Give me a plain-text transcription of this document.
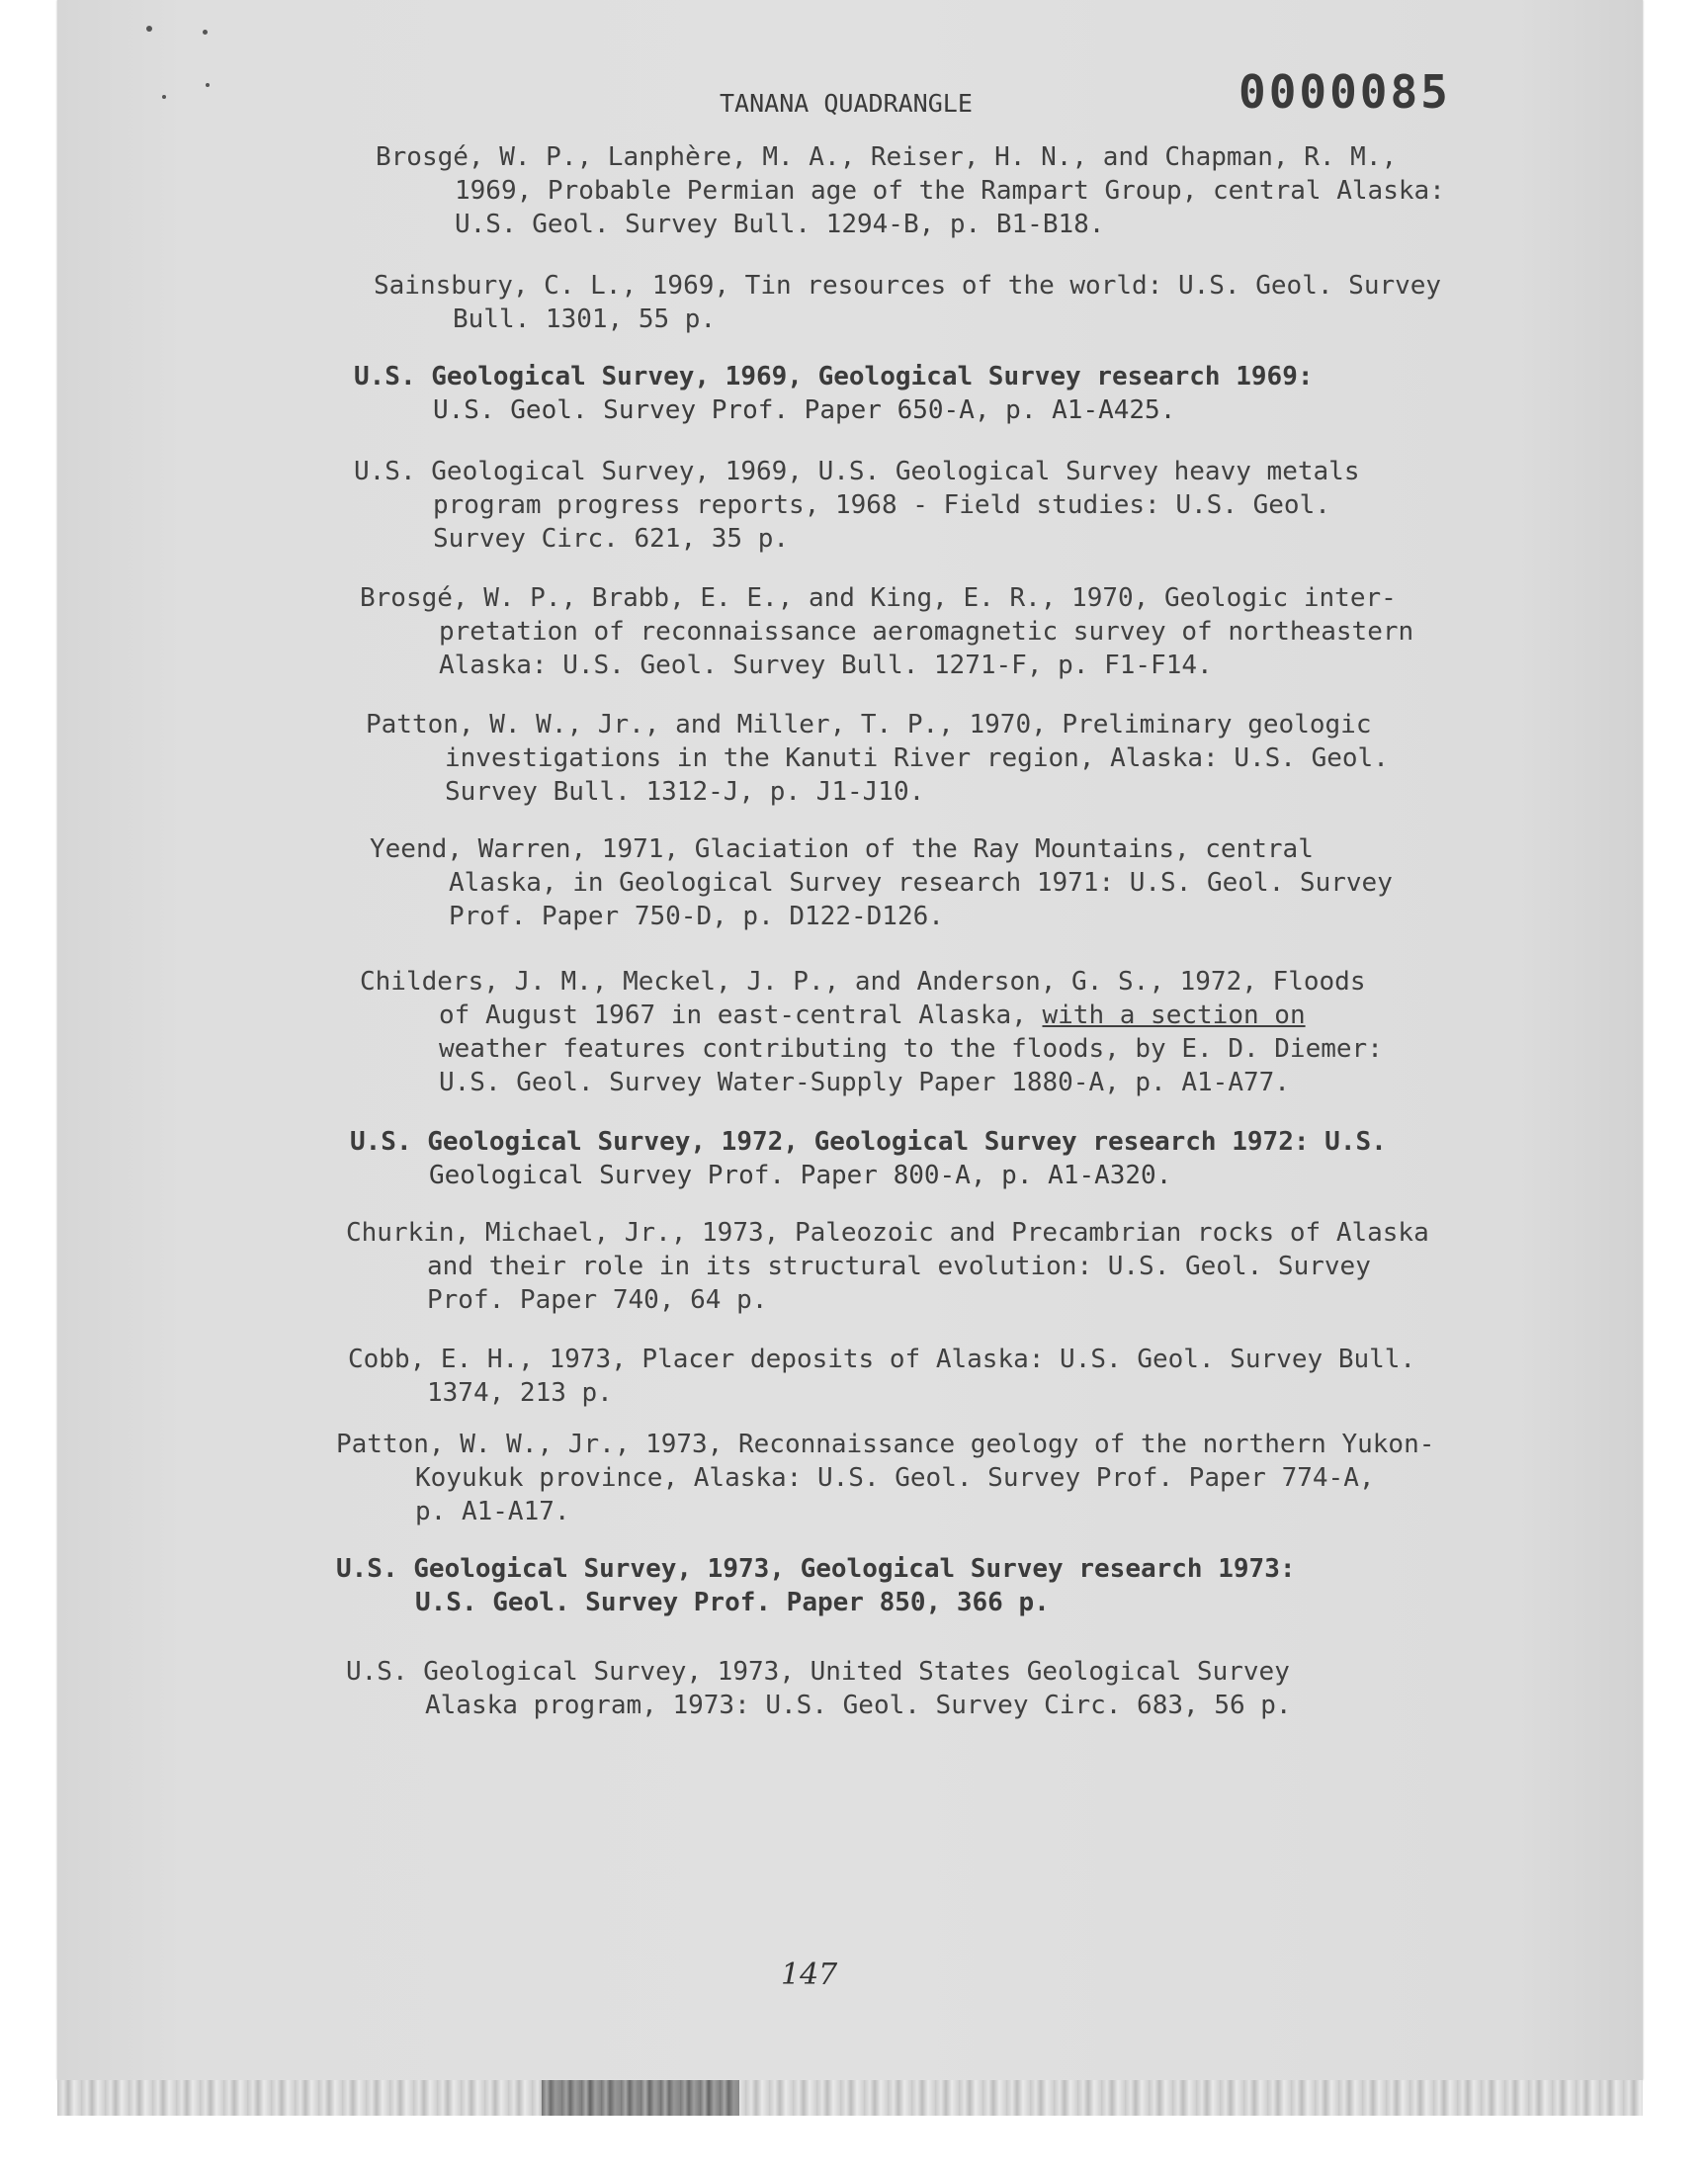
TANANA QUADRANGLE	0000085
Brosgé, W. P., Lanphère, M. A., Reiser, H. N., and Chapman, R. M.,
1969, Probable Permian age of the Rampart Group, central Alaska:
U.S. Geol. Survey Bull. 1294-B, p. B1-B18.
Sainsbury, C. L., 1969, Tin resources of the world: U.S. Geol. Survey
Bull. 1301, 55 p.
U.S. Geological Survey, 1969, Geological Survey research 1969:
U.S. Geol. Survey Prof. Paper 650-A, p. A1-A425.
U.S. Geological Survey, 1969, U.S. Geological Survey heavy metals
program progress reports, 1968 - Field studies: U.S. Geol.
Survey Circ. 621, 35 p.
Brosgé, W. P., Brabb, E. E., and King, E. R., 1970, Geologic inter-
pretation of reconnaissance aeromagnetic survey of northeastern
Alaska: U.S. Geol. Survey Bull. 1271-F, p. F1-F14.
Patton, W. W., Jr., and Miller, T. P., 1970, Preliminary geologic
investigations in the Kanuti River region, Alaska: U.S. Geol.
Survey Bull. 1312-J, p. J1-J10.
Yeend, Warren, 1971, Glaciation of the Ray Mountains, central
Alaska, in Geological Survey research 1971: U.S. Geol. Survey
Prof. Paper 750-D, p. D122-D126.
Childers, J. M., Meckel, J. P., and Anderson, G. S., 1972, Floods
of August 1967 in east-central Alaska, with a section on
weather features contributing to the floods, by E. D. Diemer:
U.S. Geol. Survey Water-Supply Paper 1880-A, p. A1-A77.
U.S. Geological Survey, 1972, Geological Survey research 1972: U.S.
Geological Survey Prof. Paper 800-A, p. A1-A320.
Churkin, Michael, Jr., 1973, Paleozoic and Precambrian rocks of Alaska
and their role in its structural evolution: U.S. Geol. Survey
Prof. Paper 740, 64 p.
Cobb, E. H., 1973, Placer deposits of Alaska: U.S. Geol. Survey Bull.
1374, 213 p.
Patton, W. W., Jr., 1973, Reconnaissance geology of the northern Yukon-
Koyukuk province, Alaska: U.S. Geol. Survey Prof. Paper 774-A,
p. A1-A17.
U.S. Geological Survey, 1973, Geological Survey research 1973:
U.S. Geol. Survey Prof. Paper 850, 366 p.
U.S. Geological Survey, 1973, United States Geological Survey
Alaska program, 1973: U.S. Geol. Survey Circ. 683, 56 p.
147
